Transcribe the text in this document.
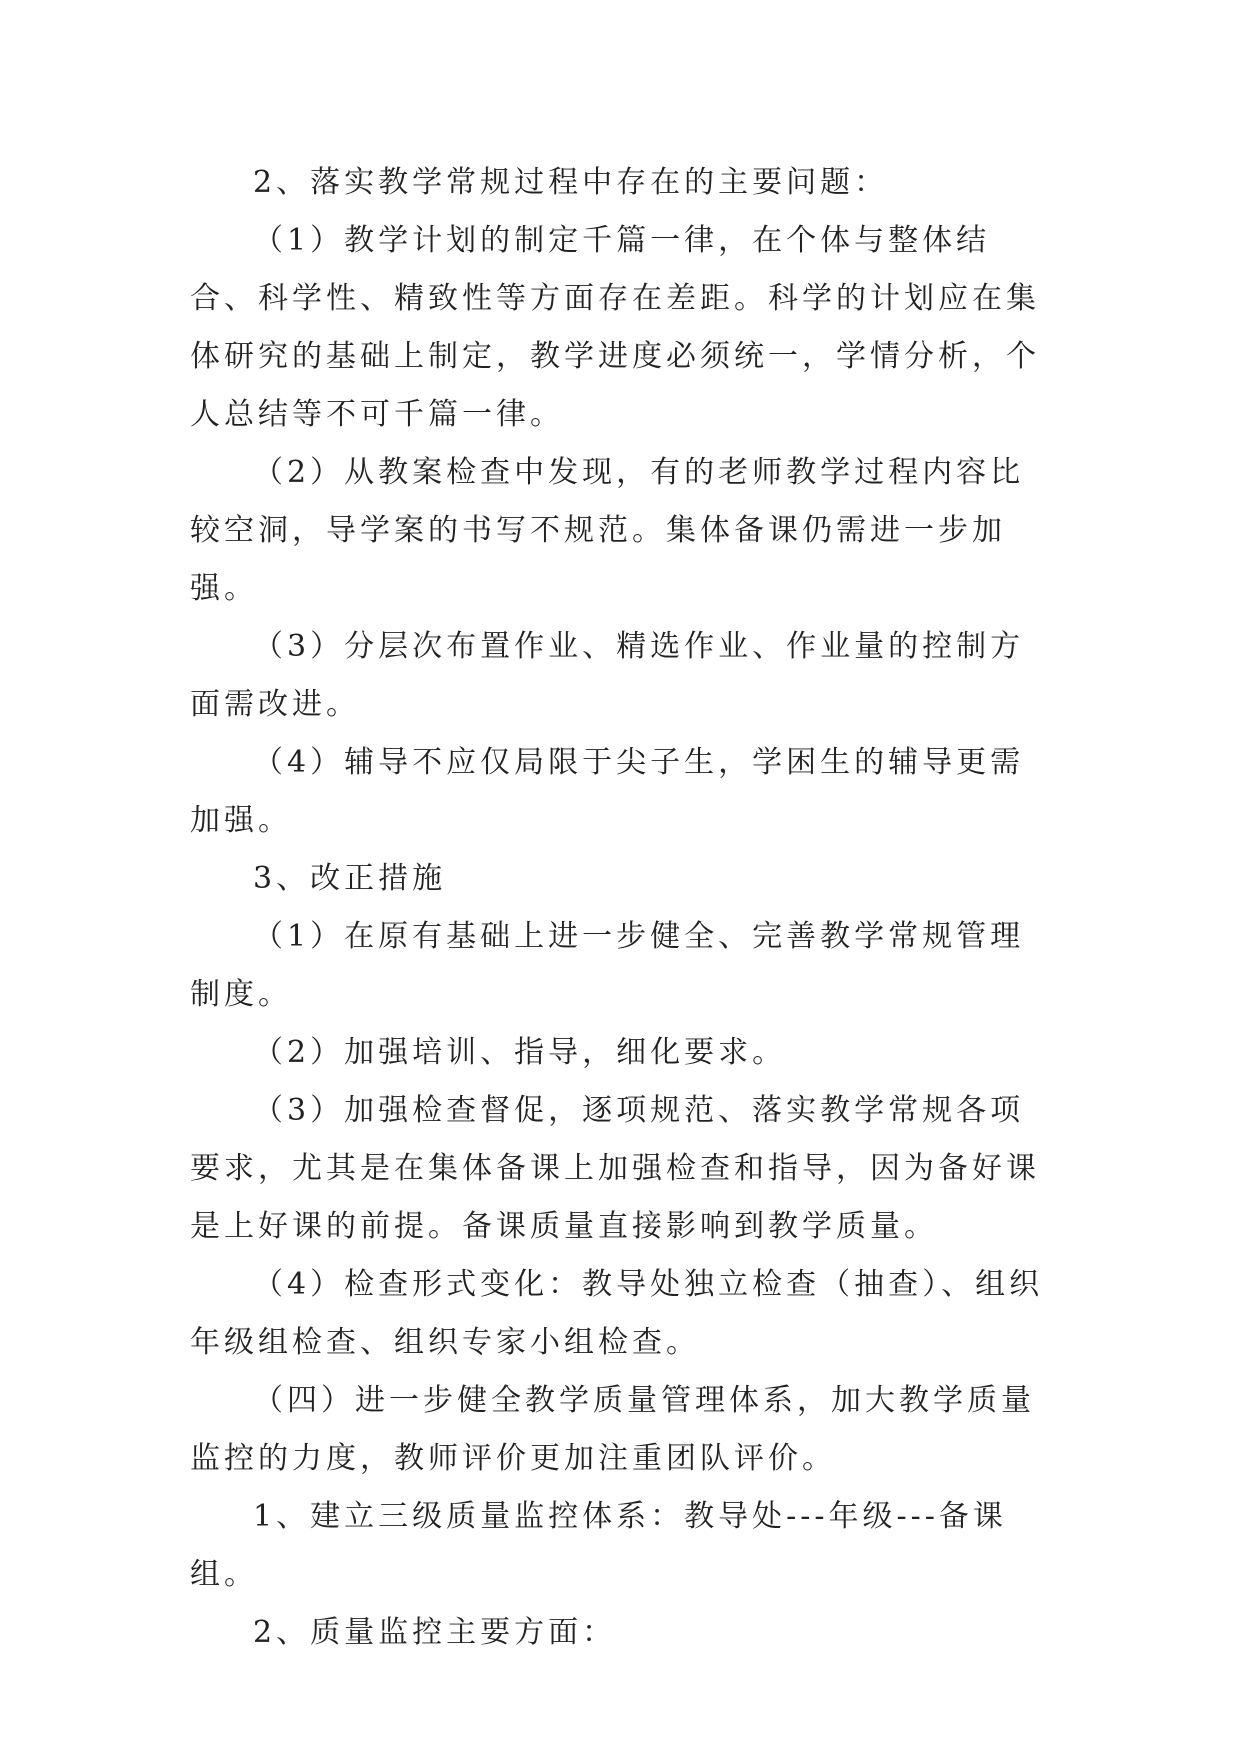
2、落实教学常规过程中存在的主要问题：

（1）教学计划的制定千篇一律，在个体与整体结合、科学性、精致性等方面存在差距。科学的计划应在集体研究的基础上制定，教学进度必须统一，学情分析，个人总结等不可千篇一律。

（2）从教案检查中发现，有的老师教学过程内容比较空洞，导学案的书写不规范。集体备课仍需进一步加强。

（3）分层次布置作业、精选作业、作业量的控制方面需改进。

（4）辅导不应仅局限于尖子生，学困生的辅导更需加强。

3、改正措施

（1）在原有基础上进一步健全、完善教学常规管理制度。

（2）加强培训、指导，细化要求。

（3）加强检查督促，逐项规范、落实教学常规各项要求，尤其是在集体备课上加强检查和指导，因为备好课是上好课的前提。备课质量直接影响到教学质量。

（4）检查形式变化：教导处独立检查（抽查）、组织年级组检查、组织专家小组检查。

（四）进一步健全教学质量管理体系，加大教学质量监控的力度，教师评价更加注重团队评价。

1、建立三级质量监控体系：教导处---年级---备课组。

2、质量监控主要方面：
